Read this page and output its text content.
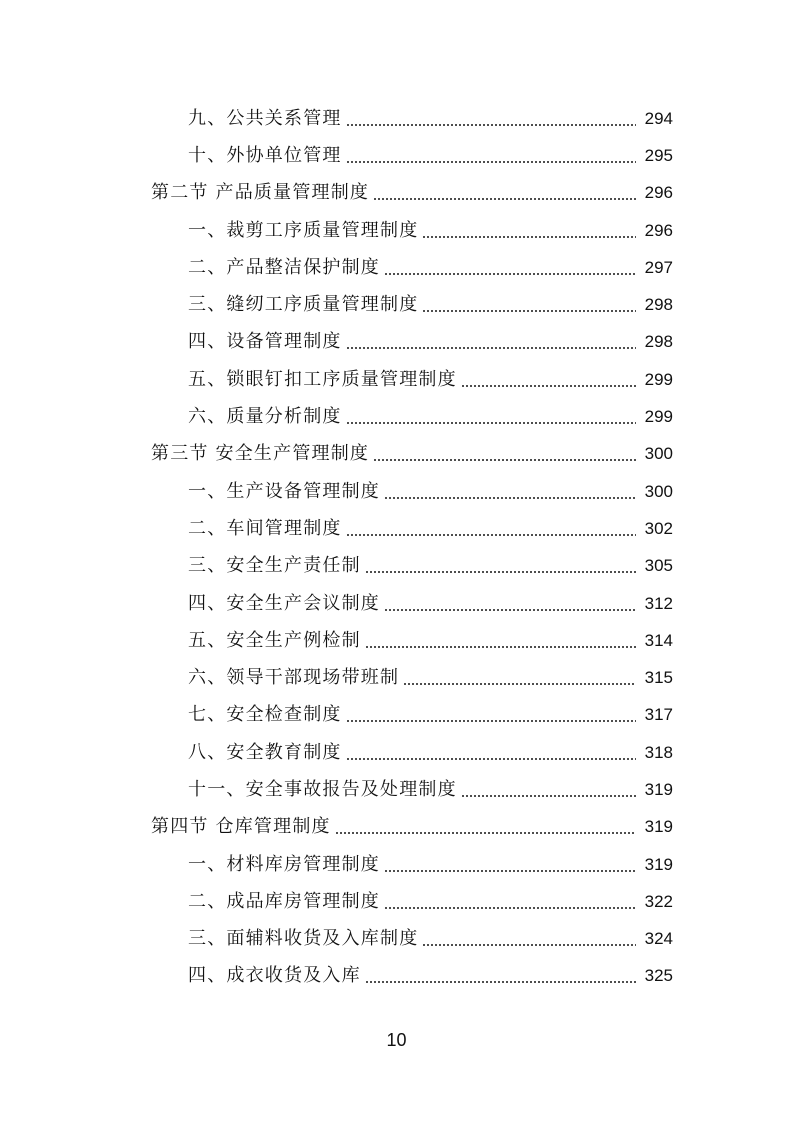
九、公共关系管理	294
十、外协单位管理	295
第二节 产品质量管理制度	296
一、裁剪工序质量管理制度	296
二、产品整洁保护制度	297
三、缝纫工序质量管理制度	298
四、设备管理制度	298
五、锁眼钉扣工序质量管理制度	299
六、质量分析制度	299
第三节 安全生产管理制度	300
一、生产设备管理制度	300
二、车间管理制度	302
三、安全生产责任制	305
四、安全生产会议制度	312
五、安全生产例检制	314
六、领导干部现场带班制	315
七、安全检查制度	317
八、安全教育制度	318
十一、安全事故报告及处理制度	319
第四节 仓库管理制度	319
一、材料库房管理制度	319
二、成品库房管理制度	322
三、面辅料收货及入库制度	324
四、成衣收货及入库	325
10
